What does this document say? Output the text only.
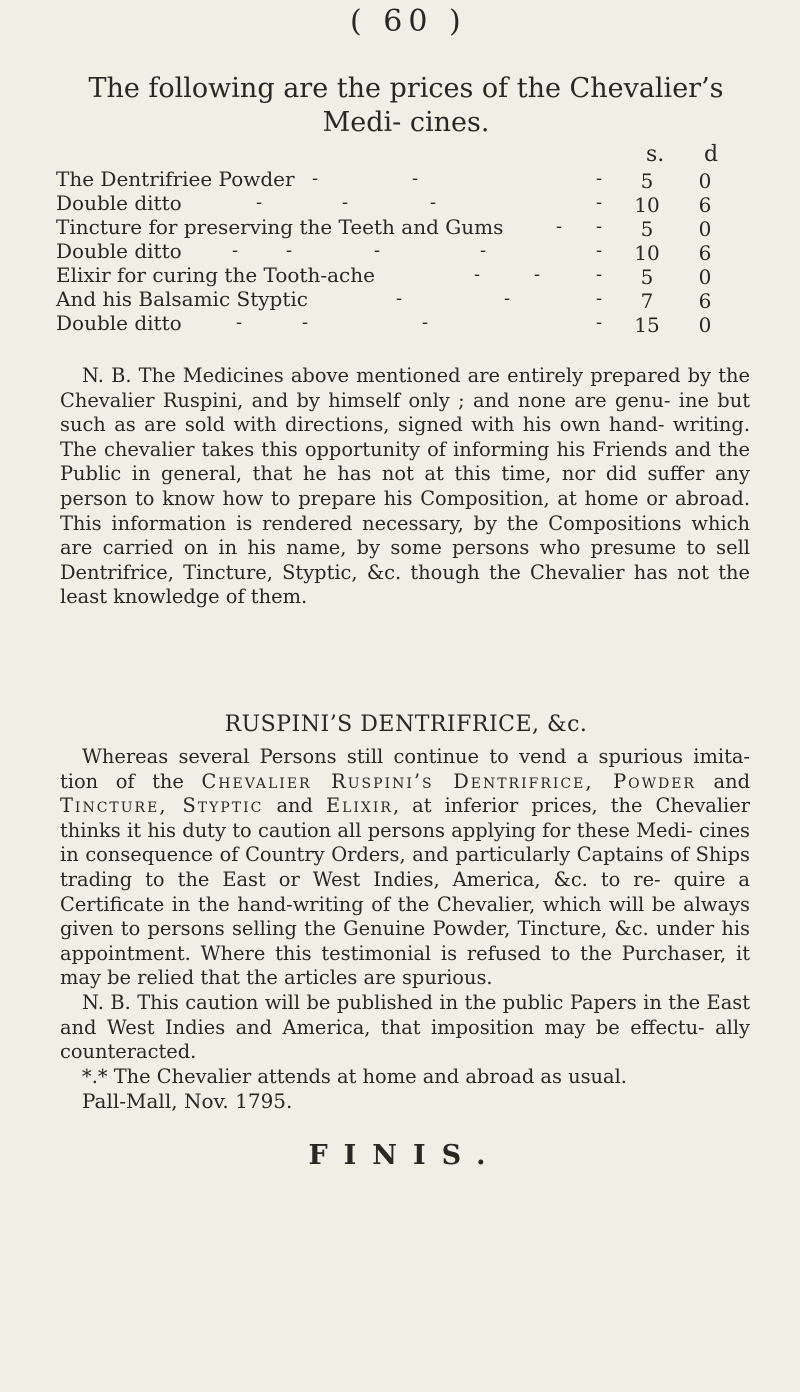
( 60 )
The following are the prices of the Chevalier’s Medi- cines.
s. d
The Dentrifriee Powder -	-	-	5	0
Double ditto	-	-	-	-	10	6
Tincture for preserving the Teeth and Gums	- -	5	0
Double ditto	-	-	-	-	-	10	6
Elixir for curing the Tooth-ache	-	-	-	5	0
And his Balsamic Styptic	-	-	-	7	6
Double ditto	-	-	-	-	15	0

N. B. The Medicines above mentioned are entirely prepared by the Chevalier Ruspini, and by himself only ; and none are genu- ine but such as are sold with directions, signed with his own hand- writing. The chevalier takes this opportunity of informing his Friends and the Public in general, that he has not at this time, nor did suffer any person to know how to prepare his Composition, at home or abroad. This information is rendered necessary, by the Compositions which are carried on in his name, by some persons who presume to sell Dentrifrice, Tincture, Styptic, &c. though the Chevalier has not the least knowledge of them.

RUSPINI’S DENTRIFRICE, &c.

Whereas several Persons still continue to vend a spurious imita- tion of the Chevalier Ruspini’s Dentrifrice, Powder and Tincture, Styptic and Elixir, at inferior prices, the Chevalier thinks it his duty to caution all persons applying for these Medi- cines in consequence of Country Orders, and particularly Captains of Ships trading to the East or West Indies, America, &c. to re- quire a Certificate in the hand-writing of the Chevalier, which will be always given to persons selling the Genuine Powder, Tincture, &c. under his appointment. Where this testimonial is refused to the Purchaser, it may be relied that the articles are spurious.

N. B. This caution will be published in the public Papers in the East and West Indies and America, that imposition may be effectu- ally counteracted.

*.* The Chevalier attends at home and abroad as usual.

Pall-Mall, Nov. 1795.

FINIS.
